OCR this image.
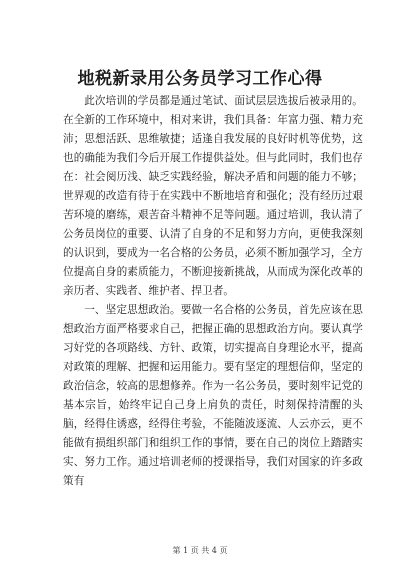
地税新录用公务员学习工作心得

此次培训的学员都是通过笔试、面试层层选拔后被录用的。在全新的工作环境中，相对来讲，我们具备：年富力强、精力充沛；思想活跃、思维敏捷；适逢自我发展的良好时机等优势，这也的确能为我们今后开展工作提供益处。但与此同时，我们也存在：社会阅历浅、缺乏实践经验，解决矛盾和问题的能力不够；世界观的改造有待于在实践中不断地培育和强化；没有经历过艰苦环境的磨练，艰苦奋斗精神不足等问题。通过培训，我认清了公务员岗位的重要、认清了自身的不足和努力方向，更使我深刻的认识到，要成为一名合格的公务员，必须不断加强学习，全方位提高自身的素质能力，不断迎接新挑战，从而成为深化改革的亲历者、实践者、维护者、捍卫者。

一、坚定思想政治。要做一名合格的公务员，首先应该在思想政治方面严格要求自己，把握正确的思想政治方向。要认真学习好党的各项路线、方针、政策，切实提高自身理论水平，提高对政策的理解、把握和运用能力。要有坚定的理想信仰，坚定的政治信念，较高的思想修养。作为一名公务员，要时刻牢记党的基本宗旨，始终牢记自己身上肩负的责任，时刻保持清醒的头脑，经得住诱惑，经得住考验，不能随波逐流、人云亦云，更不能做有损组织部门和组织工作的事情，要在自己的岗位上踏踏实实、努力工作。通过培训老师的授课指导，我们对国家的许多政策有

第 1 页 共 4 页
